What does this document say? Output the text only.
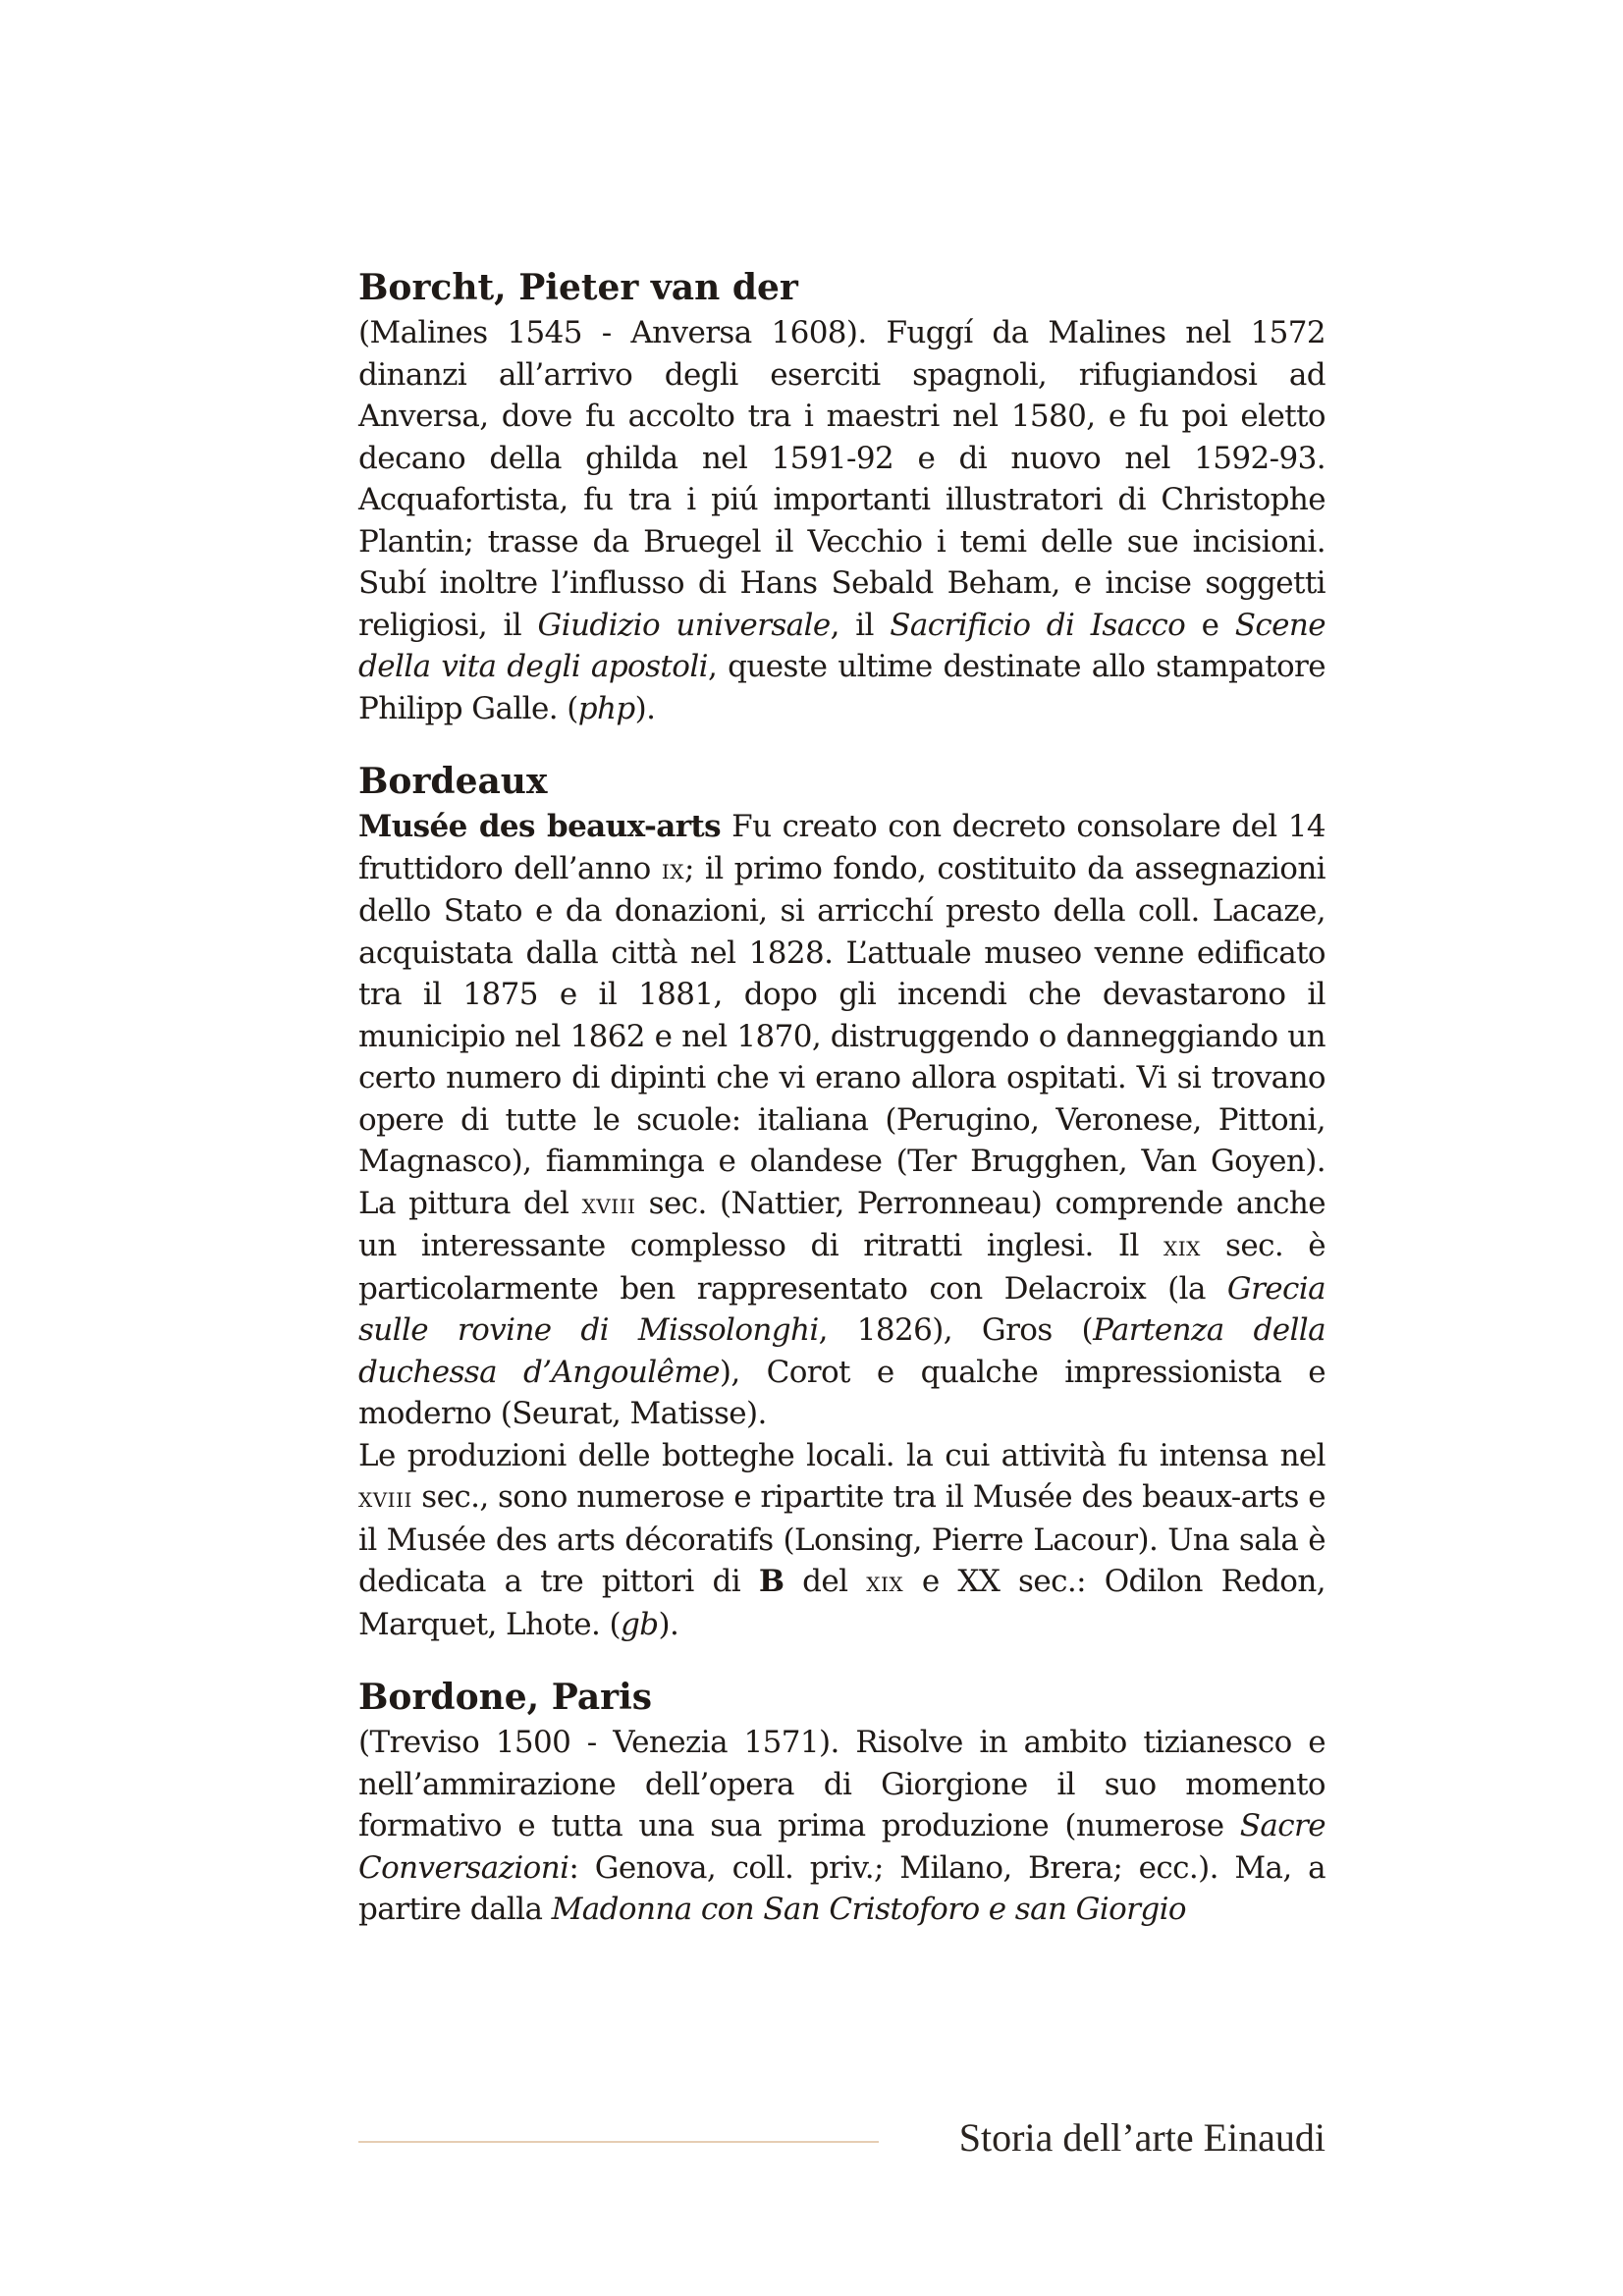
Borcht, Pieter van der

(Malines 1545 - Anversa 1608). Fuggí da Malines nel 1572 dinanzi all’arrivo degli eserciti spagnoli, rifugiandosi ad Anversa, dove fu accolto tra i maestri nel 1580, e fu poi eletto decano della ghilda nel 1591-92 e di nuovo nel 1592-93. Acquafortista, fu tra i piú importanti illustratori di Christophe Plantin; trasse da Bruegel il Vecchio i temi delle sue incisioni. Subí inoltre l’influsso di Hans Sebald Beham, e incise soggetti religiosi, il Giudizio universale, il Sacrificio di Isacco e Scene della vita degli apostoli, queste ultime destinate allo stampatore Philipp Galle. (php).

Bordeaux

Musée des beaux-arts Fu creato con decreto consolare del 14 fruttidoro dell’anno ix; il primo fondo, costituito da assegnazioni dello Stato e da donazioni, si arricchí presto della coll. Lacaze, acquistata dalla città nel 1828. L’attuale museo venne edificato tra il 1875 e il 1881, dopo gli incendi che devastarono il municipio nel 1862 e nel 1870, distruggendo o danneggiando un certo numero di dipinti che vi erano allora ospitati. Vi si trovano opere di tutte le scuole: italiana (Perugino, Veronese, Pittoni, Magnasco), fiamminga e olandese (Ter Brugghen, Van Goyen). La pittura del xviii sec. (Nattier, Perronneau) comprende anche un interessante complesso di ritratti inglesi. Il xix sec. è particolarmente ben rappresentato con Delacroix (la Grecia sulle rovine di Missolonghi, 1826), Gros (Partenza della duchessa d’Angoulême), Corot e qualche impressionista e moderno (Seurat, Matisse).

Le produzioni delle botteghe locali. la cui attività fu intensa nel xviii sec., sono numerose e ripartite tra il Musée des beaux-arts e il Musée des arts décoratifs (Lonsing, Pierre Lacour). Una sala è dedicata a tre pittori di B del xix e XX sec.: Odilon Redon, Marquet, Lhote. (gb).

Bordone, Paris

(Treviso 1500 - Venezia 1571). Risolve in ambito tizianesco e nell’ammirazione dell’opera di Giorgione il suo momento formativo e tutta una sua prima produzione (numerose Sacre Conversazioni: Genova, coll. priv.; Milano, Brera; ecc.). Ma, a partire dalla Madonna con San Cristoforo e san Giorgio

Storia dell’arte Einaudi
